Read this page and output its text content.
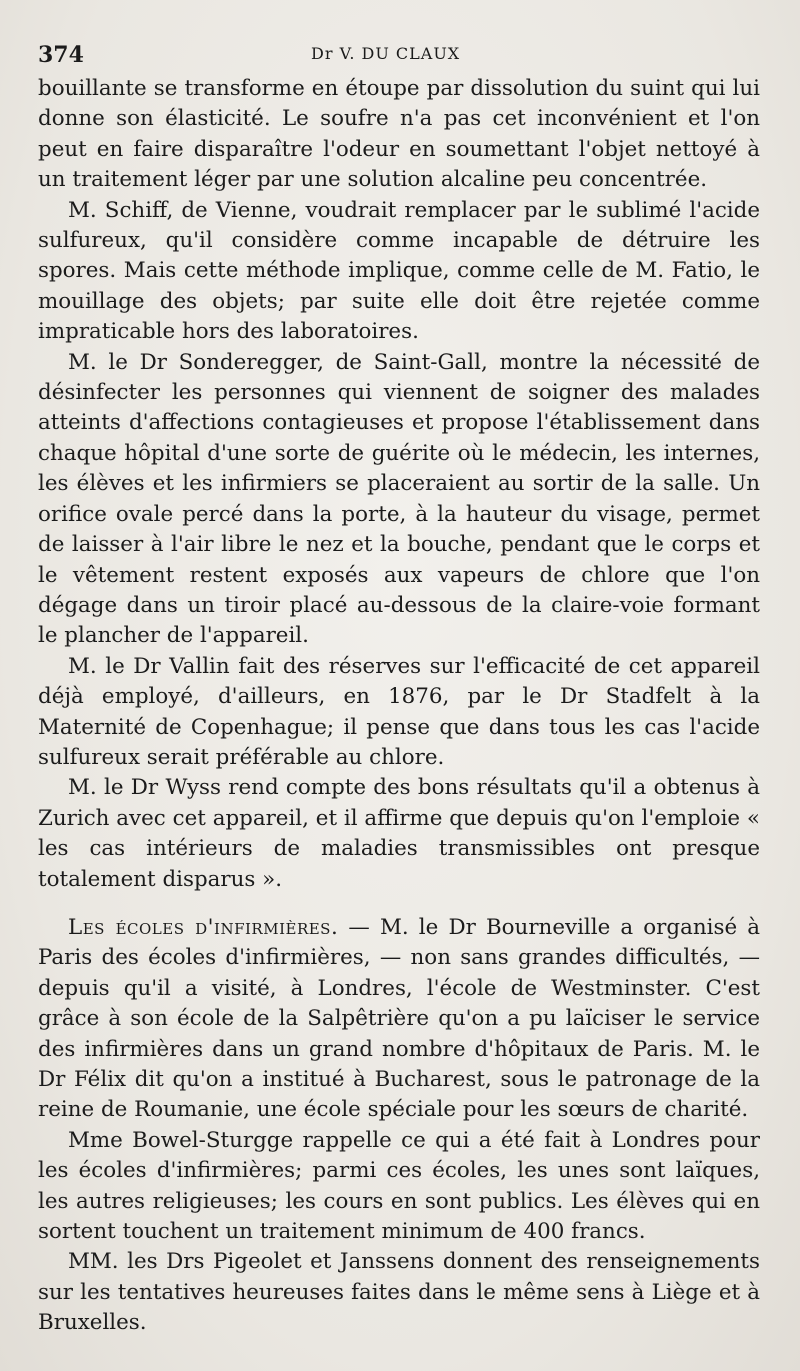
374	Dr V. DU CLAUX

bouillante se transforme en étoupe par dissolution du suint qui lui donne son élasticité. Le soufre n'a pas cet inconvénient et l'on peut en faire disparaître l'odeur en soumettant l'objet nettoyé à un traitement léger par une solution alcaline peu concentrée.

M. Schiff, de Vienne, voudrait remplacer par le sublimé l'acide sulfureux, qu'il considère comme incapable de détruire les spores. Mais cette méthode implique, comme celle de M. Fatio, le mouillage des objets; par suite elle doit être rejetée comme impraticable hors des laboratoires.

M. le Dr Sonderegger, de Saint-Gall, montre la nécessité de désinfecter les personnes qui viennent de soigner des malades atteints d'affections contagieuses et propose l'établissement dans chaque hôpital d'une sorte de guérite où le médecin, les internes, les élèves et les infirmiers se placeraient au sortir de la salle. Un orifice ovale percé dans la porte, à la hauteur du visage, permet de laisser à l'air libre le nez et la bouche, pendant que le corps et le vêtement restent exposés aux vapeurs de chlore que l'on dégage dans un tiroir placé au-dessous de la claire-voie formant le plancher de l'appareil.

M. le Dr Vallin fait des réserves sur l'efficacité de cet appareil déjà employé, d'ailleurs, en 1876, par le Dr Stadfelt à la Maternité de Copenhague; il pense que dans tous les cas l'acide sulfureux serait préférable au chlore.

M. le Dr Wyss rend compte des bons résultats qu'il a obtenus à Zurich avec cet appareil, et il affirme que depuis qu'on l'emploie « les cas intérieurs de maladies transmissibles ont presque totalement disparus ».

Les écoles d'infirmières. — M. le Dr Bourneville a organisé à Paris des écoles d'infirmières, — non sans grandes difficultés, — depuis qu'il a visité, à Londres, l'école de Westminster. C'est grâce à son école de la Salpêtrière qu'on a pu laïciser le service des infirmières dans un grand nombre d'hôpitaux de Paris. M. le Dr Félix dit qu'on a institué à Bucharest, sous le patronage de la reine de Roumanie, une école spéciale pour les sœurs de charité.

Mme Bowel-Sturgge rappelle ce qui a été fait à Londres pour les écoles d'infirmières; parmi ces écoles, les unes sont laïques, les autres religieuses; les cours en sont publics. Les élèves qui en sortent touchent un traitement minimum de 400 francs.

MM. les Drs Pigeolet et Janssens donnent des renseignements sur les tentatives heureuses faites dans le même sens à Liège et à Bruxelles.
